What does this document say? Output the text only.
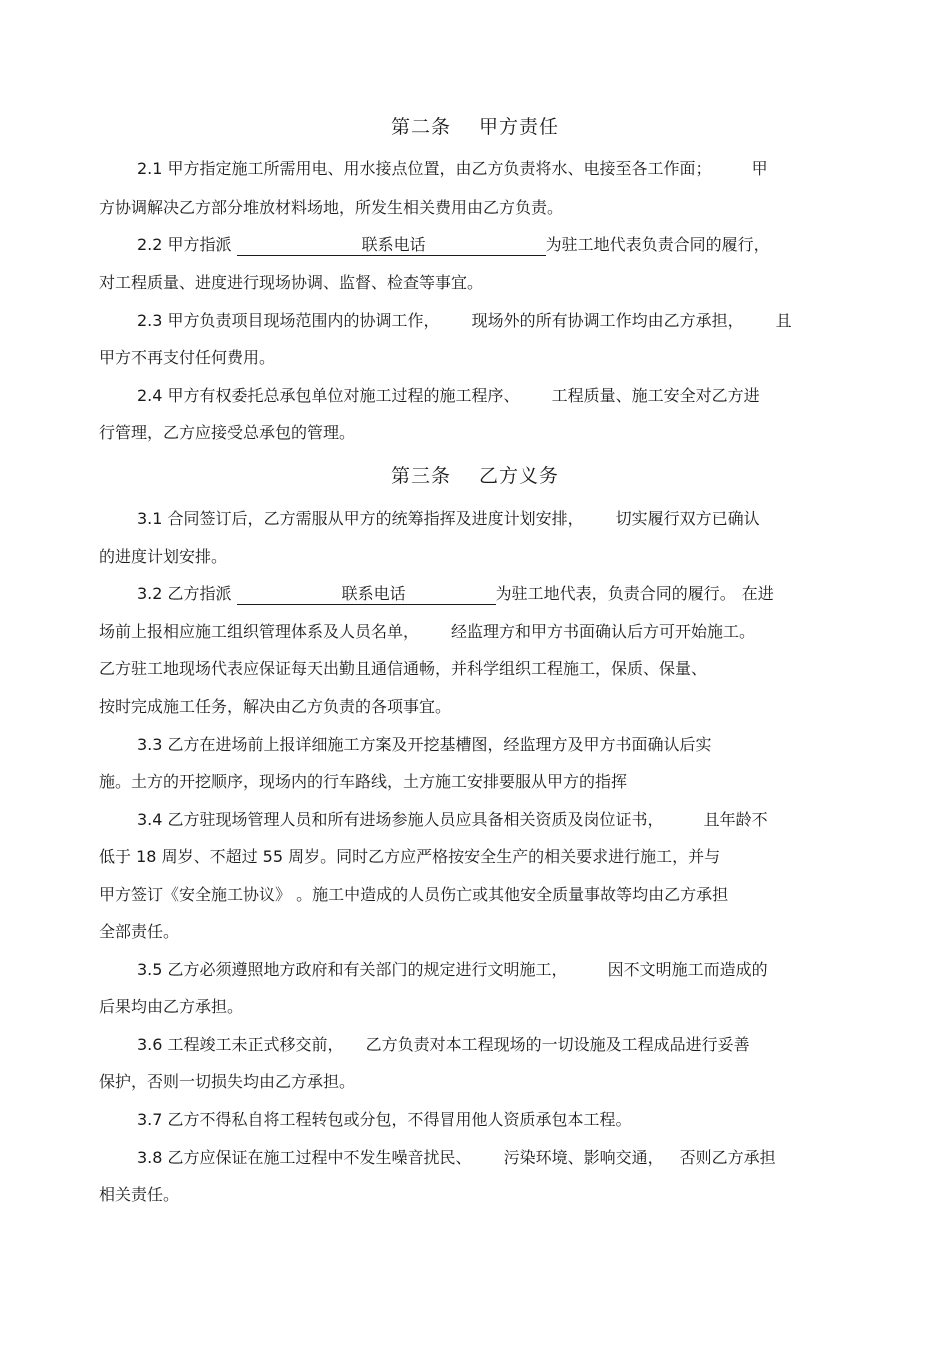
第二条 甲方责任
2.1 甲方指定施工所需用电、用水接点位置，由乙方负责将水、电接至各工作面；	甲
方协调解决乙方部分堆放材料场地，所发生相关费用由乙方负责。
2.2 甲方指派	联系电话	为驻工地代表负责合同的履行，
对工程质量、进度进行现场协调、监督、检查等事宜。
2.3 甲方负责项目现场范围内的协调工作， 现场外的所有协调工作均由乙方承担， 且
甲方不再支付任何费用。
2.4 甲方有权委托总承包单位对施工过程的施工程序、 工程质量、施工安全对乙方进
行管理，乙方应接受总承包的管理。
第三条 乙方义务
3.1 合同签订后，乙方需服从甲方的统筹指挥及进度计划安排， 切实履行双方已确认
的进度计划安排。
3.2 乙方指派	联系电话	为驻工地代表，负责合同的履行。 在进
场前上报相应施工组织管理体系及人员名单， 经监理方和甲方书面确认后方可开始施工。
乙方驻工地现场代表应保证每天出勤且通信通畅，并科学组织工程施工，保质、保量、
按时完成施工任务，解决由乙方负责的各项事宜。
3.3 乙方在进场前上报详细施工方案及开挖基槽图，经监理方及甲方书面确认后实
施。土方的开挖顺序，现场内的行车路线，土方施工安排要服从甲方的指挥
3.4 乙方驻现场管理人员和所有进场参施人员应具备相关资质及岗位证书，	且年龄不
低于 18 周岁、不超过 55 周岁。同时乙方应严格按安全生产的相关要求进行施工，并与
甲方签订《安全施工协议》 。施工中造成的人员伤亡或其他安全质量事故等均由乙方承担
全部责任。
3.5 乙方必须遵照地方政府和有关部门的规定进行文明施工，	因不文明施工而造成的
后果均由乙方承担。
3.6 工程竣工未正式移交前， 乙方负责对本工程现场的一切设施及工程成品进行妥善
保护，否则一切损失均由乙方承担。
3.7 乙方不得私自将工程转包或分包，不得冒用他人资质承包本工程。
3.8 乙方应保证在施工过程中不发生噪音扰民、 污染环境、影响交通， 否则乙方承担
相关责任。
